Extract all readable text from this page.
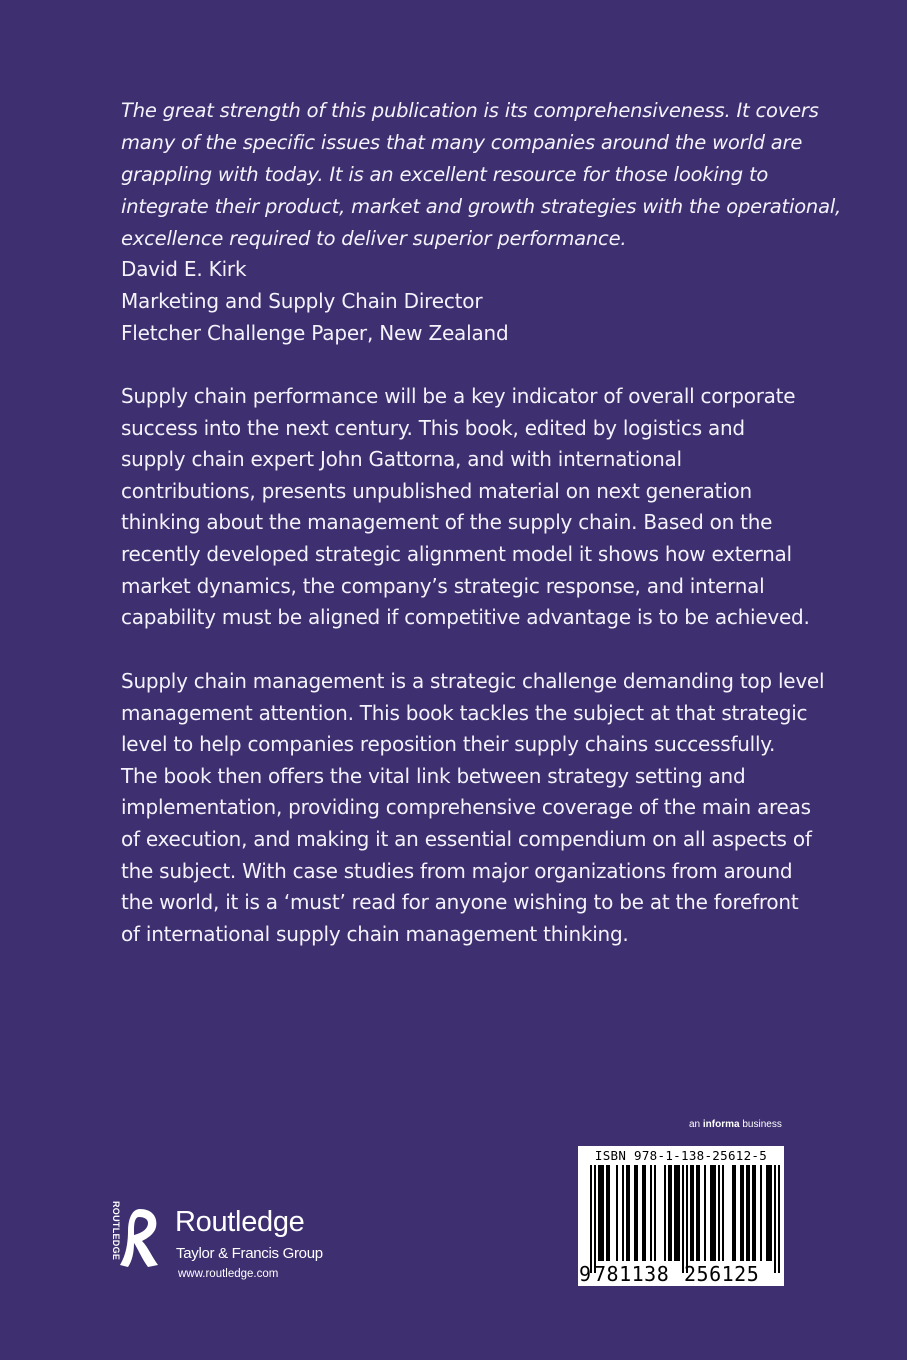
The great strength of this publication is its comprehensiveness. It covers

many of the specific issues that many companies around the world are

grappling with today. It is an excellent resource for those looking to

integrate their product, market and growth strategies with the operational,

excellence required to deliver superior performance.

David E. Kirk

Marketing and Supply Chain Director

Fletcher Challenge Paper, New Zealand

Supply chain performance will be a key indicator of overall corporate

success into the next century. This book, edited by logistics and

supply chain expert John Gattorna, and with international

contributions, presents unpublished material on next generation

thinking about the management of the supply chain. Based on the

recently developed strategic alignment model it shows how external

market dynamics, the company’s strategic response, and internal

capability must be aligned if competitive advantage is to be achieved.

Supply chain management is a strategic challenge demanding top level

management attention. This book tackles the subject at that strategic

level to help companies reposition their supply chains successfully.

The book then offers the vital link between strategy setting and

implementation, providing comprehensive coverage of the main areas

of execution, and making it an essential compendium on all aspects of

the subject. With case studies from major organizations from around

the world, it is a ‘must’ read for anyone wishing to be at the forefront

of international supply chain management thinking.

an informa business
ISBN 978-1-138-25612-5
9 781138 256125
ROUTLEDGE Routledge
Taylor & Francis Group
www.routledge.com
